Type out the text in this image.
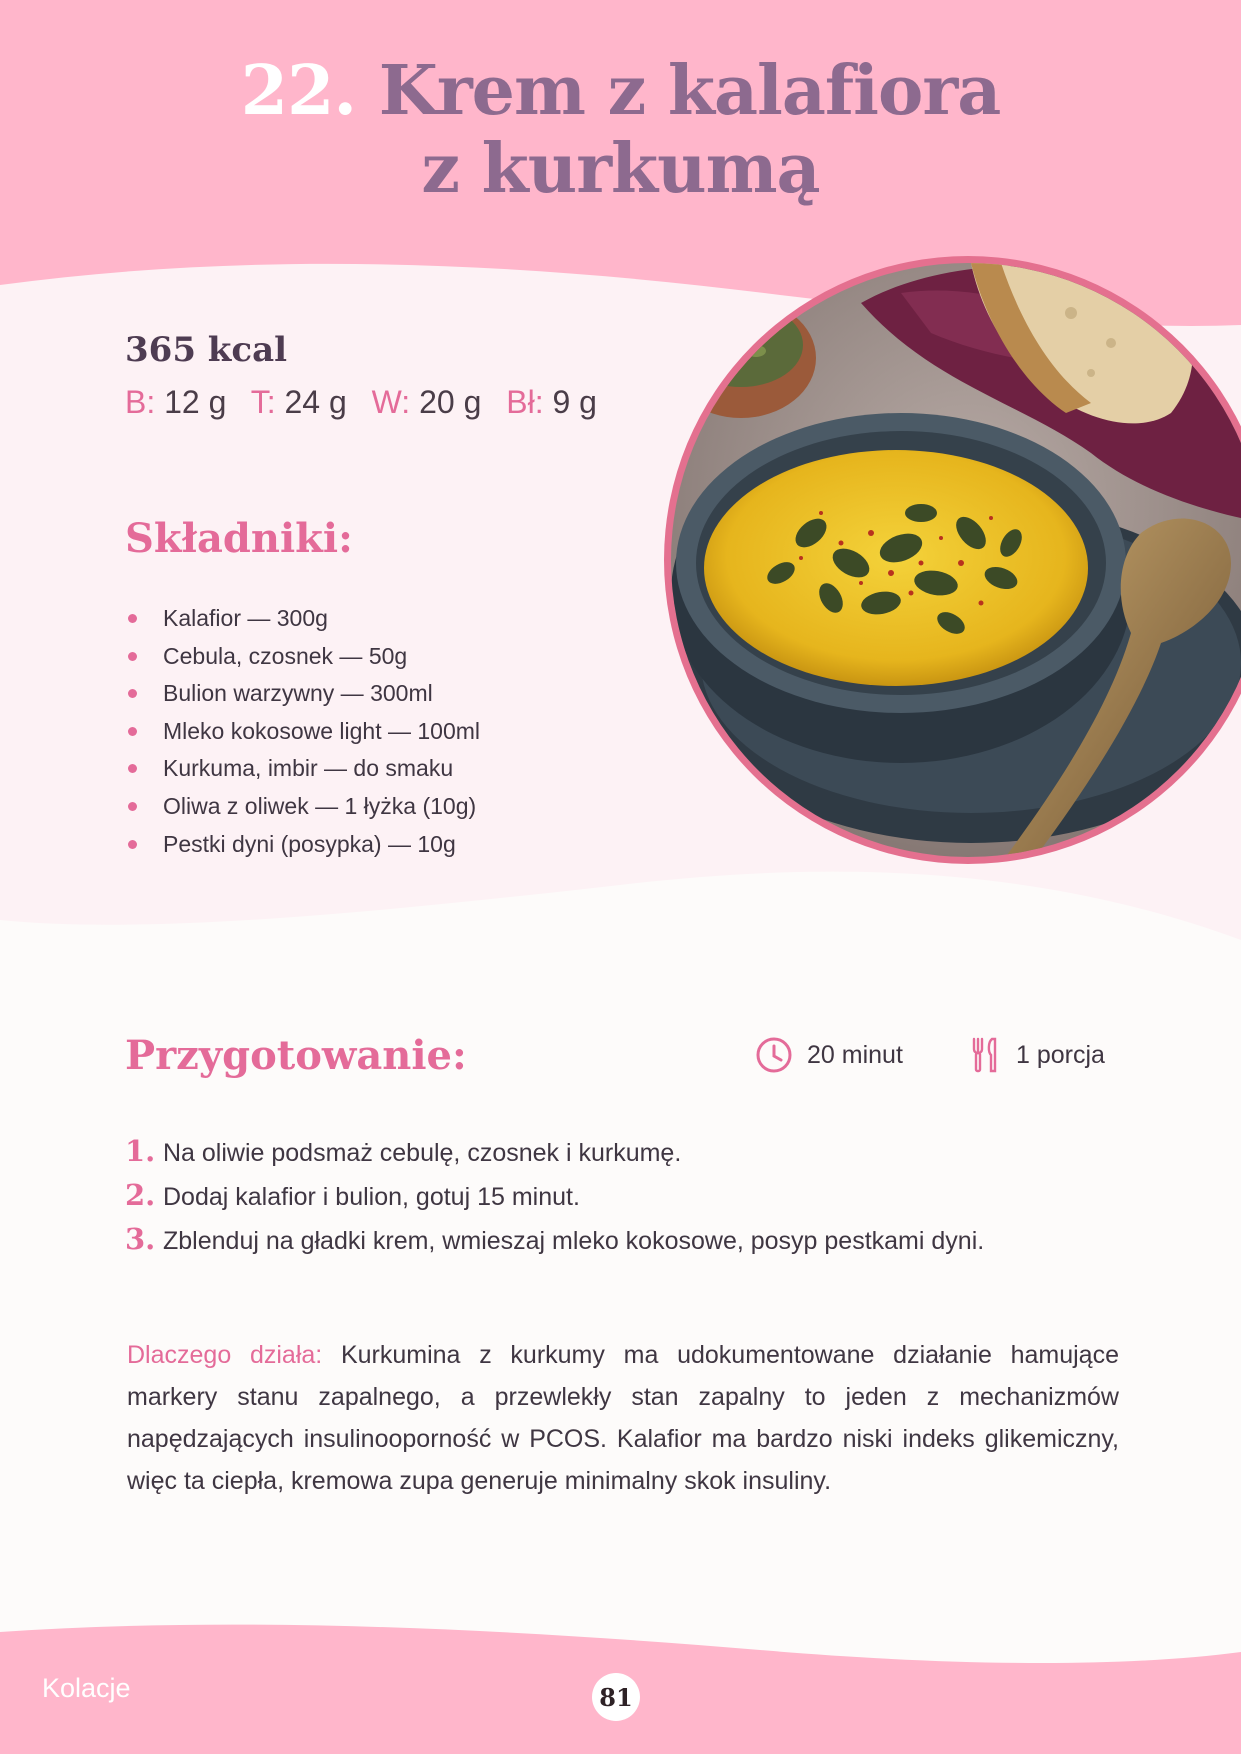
22. Krem z kalafiora
z kurkumą
365 kcal
B: 12 g T: 24 g W: 20 g Bł: 9 g
Składniki:
Kalafior — 300g
Cebula, czosnek — 50g
Bulion warzywny — 300ml
Mleko kokosowe light — 100ml
Kurkuma, imbir — do smaku
Oliwa z oliwek — 1 łyżka (10g)
Pestki dyni (posypka) — 10g
Przygotowanie:	20 minut	1 porcja
1. Na oliwie podsmaż cebulę, czosnek i kurkumę.
2. Dodaj kalafior i bulion, gotuj 15 minut.
3. Zblenduj na gładki krem, wmieszaj mleko kokosowe, posyp pestkami dyni.
Dlaczego działa: Kurkumina z kurkumy ma udokumentowane działanie hamujące markery stanu zapalnego, a przewlekły stan zapalny to jeden z mechanizmów napędzających insulinooporność w PCOS. Kalafior ma bardzo niski indeks glikemiczny, więc ta ciepła, kremowa zupa generuje minimalny skok insuliny.
Kolacje	81
